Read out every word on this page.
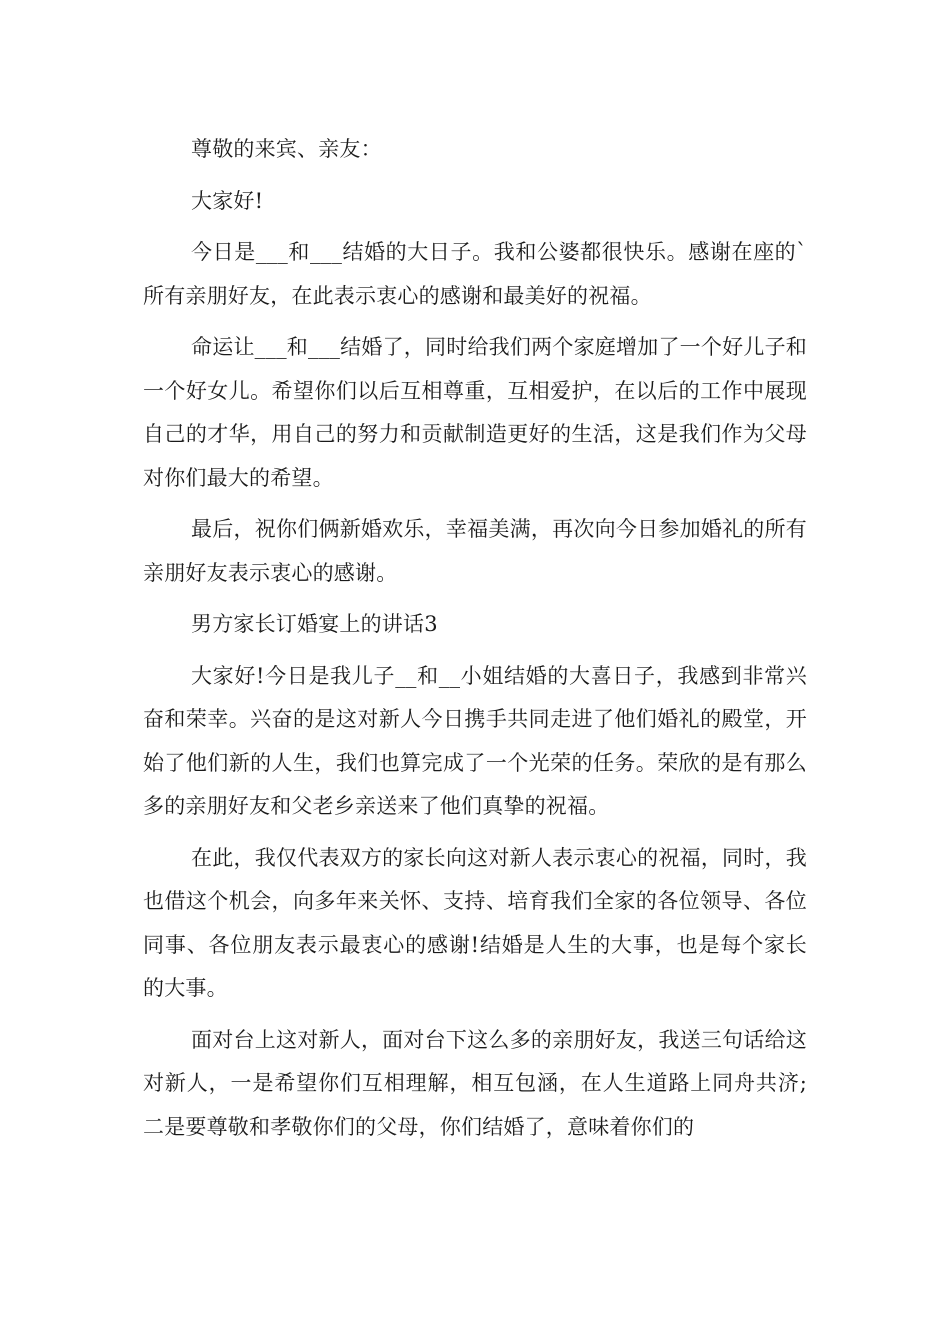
尊敬的来宾、亲友：

大家好!

今日是___和___结婚的大日子。我和公婆都很快乐。感谢在座的`所有亲朋好友，在此表示衷心的感谢和最美好的祝福。

命运让___和___结婚了，同时给我们两个家庭增加了一个好儿子和一个好女儿。希望你们以后互相尊重，互相爱护，在以后的工作中展现自己的才华，用自己的努力和贡献制造更好的生活，这是我们作为父母对你们最大的希望。

最后，祝你们俩新婚欢乐，幸福美满，再次向今日参加婚礼的所有亲朋好友表示衷心的感谢。

男方家长订婚宴上的讲话3

大家好!今日是我儿子__和__小姐结婚的大喜日子，我感到非常兴奋和荣幸。兴奋的是这对新人今日携手共同走进了他们婚礼的殿堂，开始了他们新的人生，我们也算完成了一个光荣的任务。荣欣的是有那么多的亲朋好友和父老乡亲送来了他们真挚的祝福。

在此，我仅代表双方的家长向这对新人表示衷心的祝福，同时，我也借这个机会，向多年来关怀、支持、培育我们全家的各位领导、各位同事、各位朋友表示最衷心的感谢!结婚是人生的大事，也是每个家长的大事。

面对台上这对新人，面对台下这么多的亲朋好友，我送三句话给这对新人，一是希望你们互相理解，相互包涵，在人生道路上同舟共济;二是要尊敬和孝敬你们的父母，你们结婚了，意味着你们的
